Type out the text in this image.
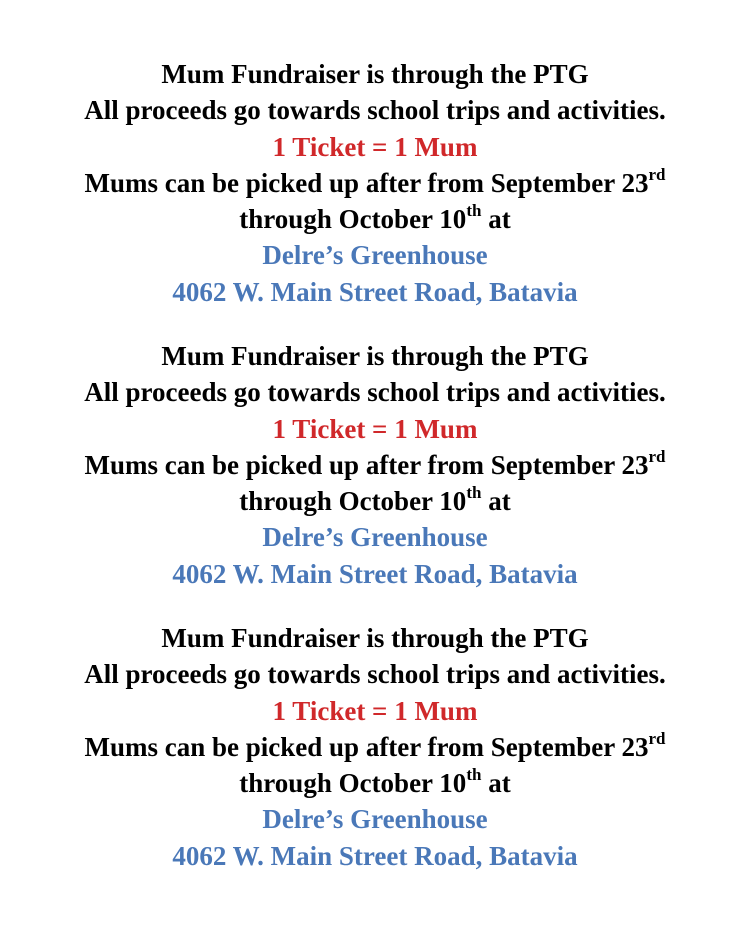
Mum Fundraiser is through the PTG
All proceeds go towards school trips and activities.
1 Ticket = 1 Mum
Mums can be picked up after from September 23rd
through October 10th at
Delre’s Greenhouse
4062 W. Main Street Road, Batavia
Mum Fundraiser is through the PTG
All proceeds go towards school trips and activities.
1 Ticket = 1 Mum
Mums can be picked up after from September 23rd
through October 10th at
Delre’s Greenhouse
4062 W. Main Street Road, Batavia
Mum Fundraiser is through the PTG
All proceeds go towards school trips and activities.
1 Ticket = 1 Mum
Mums can be picked up after from September 23rd
through October 10th at
Delre’s Greenhouse
4062 W. Main Street Road, Batavia
